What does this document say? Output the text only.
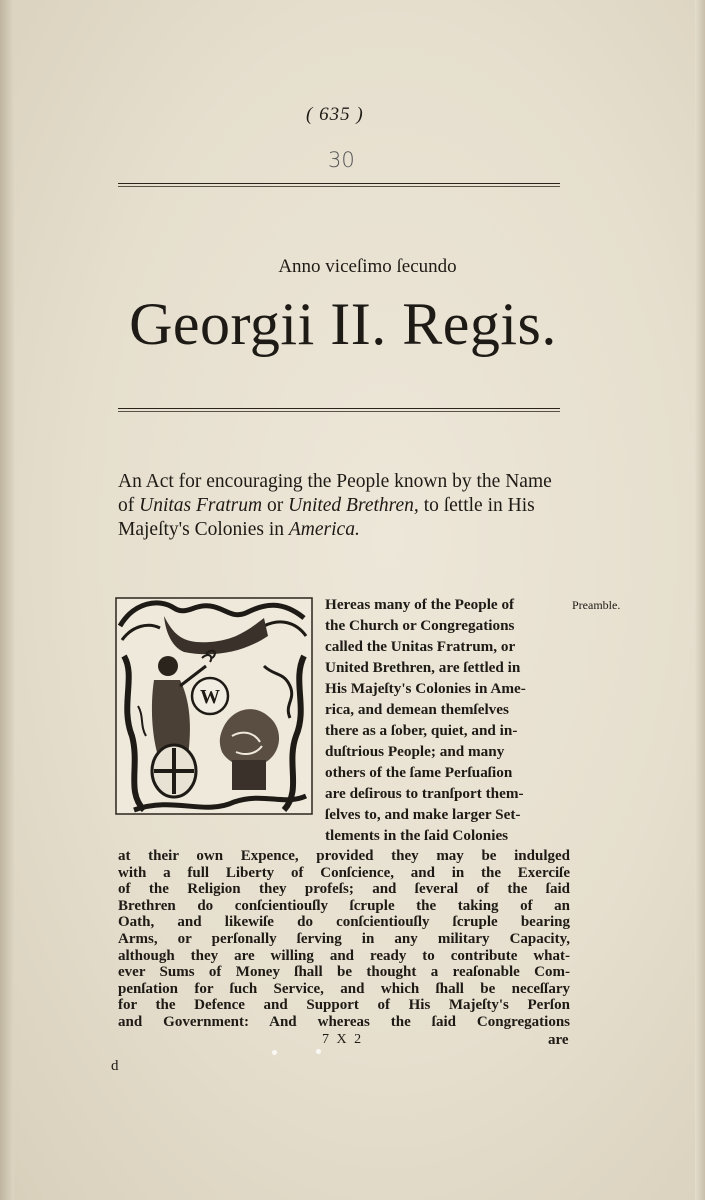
( 635 )
30
Anno viceſimo ſecundo
Georgii II. Regis.
An Act for encouraging the People known by the Name of Unitas Fratrum or United Brethren, to ſettle in His Majeſty's Colonies in America.
W
Preamble.
Hereas many of the People of
the Church or Congregations
called the Unitas Fratrum, or
United Brethren, are ſettled in
His Majeſty's Colonies in Ame-
rica, and demean themſelves
there as a ſober, quiet, and in-
duſtrious People; and many
others of the ſame Perſuaſion
are deſirous to tranſport them-
ſelves to, and make larger Set-
tlements in the ſaid Colonies
at their own Expence, provided they may be indulged
with a full Liberty of Conſcience, and in the Exerciſe
of the Religion they profeſs; and ſeveral of the ſaid
Brethren do conſcientiouſly ſcruple the taking of an
Oath, and likewiſe do conſcientiouſly ſcruple bearing
Arms, or perſonally ſerving in any military Capacity,
although they are willing and ready to contribute what-
ever Sums of Money ſhall be thought a reaſonable Com-
penſation for ſuch Service, and which ſhall be neceſſary
7 X 2	are
d
for the Defence and Support of His Majeſty's Perſon
and Government: And whereas the ſaid Congregations
